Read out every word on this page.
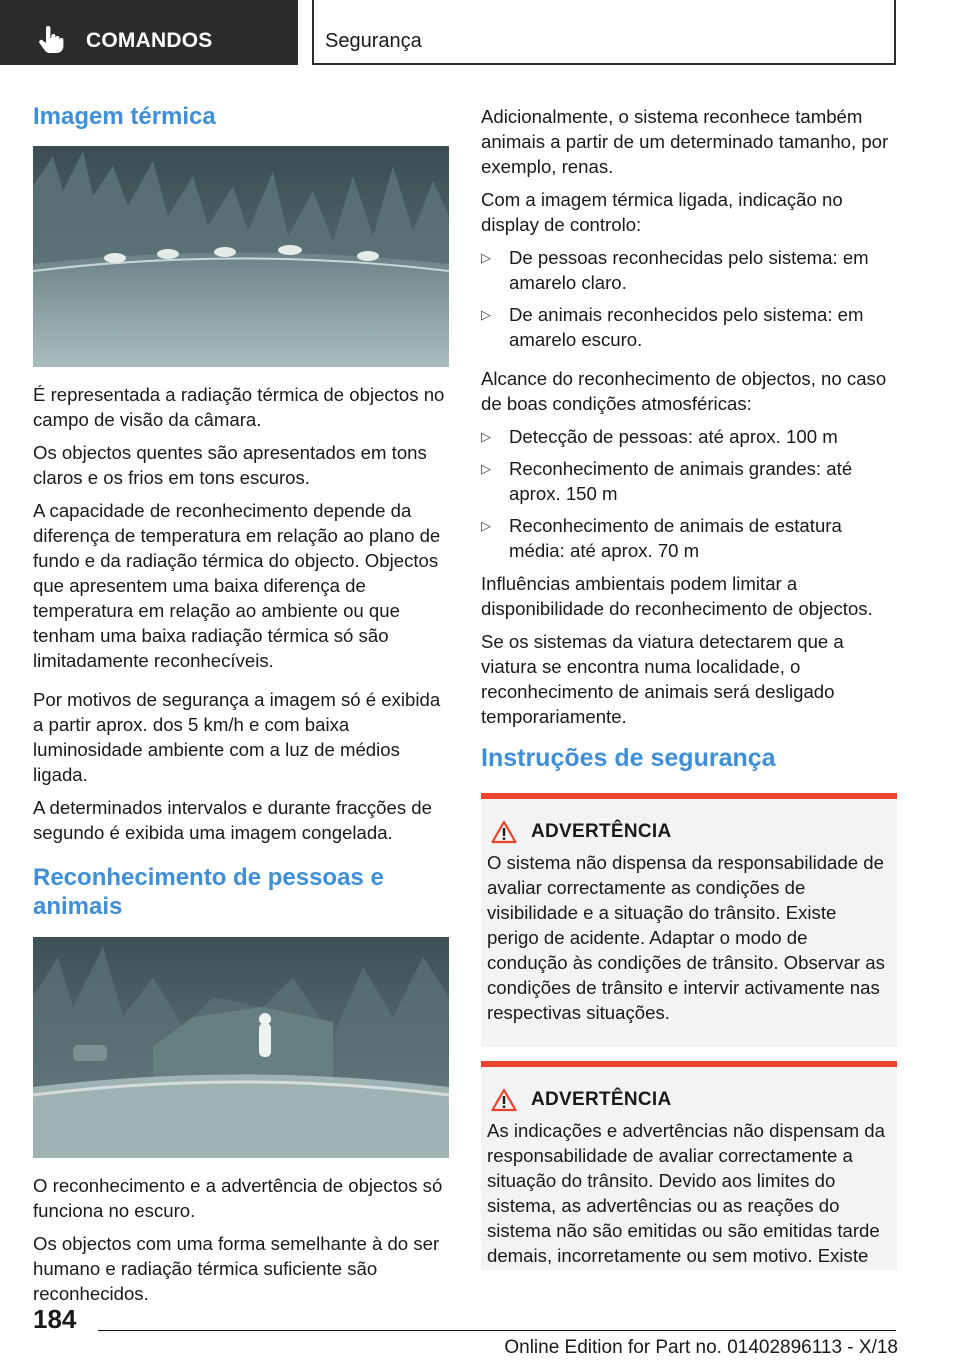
COMANDOS	Segurança
Imagem térmica

É representada a radiação térmica de objectos no campo de visão da câmara.

Os objectos quentes são apresentados em tons claros e os frios em tons escuros.

A capacidade de reconhecimento depende da diferença de temperatura em relação ao plano de fundo e da radiação térmica do objecto. Objectos que apresentem uma baixa diferença de temperatura em relação ao ambiente ou que tenham uma baixa radiação térmica só são limitadamente reconhecíveis.

Por motivos de segurança a imagem só é exibida a partir aprox. dos 5 km/h e com baixa luminosidade ambiente com a luz de médios ligada.

A determinados intervalos e durante fracções de segundo é exibida uma imagem congelada.

Reconhecimento de pessoas e animais

O reconhecimento e a advertência de objectos só funciona no escuro.

Os objectos com uma forma semelhante à do ser humano e radiação térmica suficiente são reconhecidos.

Adicionalmente, o sistema reconhece também animais a partir de um determinado tamanho, por exemplo, renas.

Com a imagem térmica ligada, indicação no display de controlo:

▷ De pessoas reconhecidas pelo sistema: em amarelo claro.
▷ De animais reconhecidos pelo sistema: em amarelo escuro.

Alcance do reconhecimento de objectos, no caso de boas condições atmosféricas:

▷ Detecção de pessoas: até aprox. 100 m
▷ Reconhecimento de animais grandes: até aprox. 150 m
▷ Reconhecimento de animais de estatura média: até aprox. 70 m

Influências ambientais podem limitar a disponibilidade do reconhecimento de objectos.

Se os sistemas da viatura detectarem que a viatura se encontra numa localidade, o reconhecimento de animais será desligado temporariamente.

Instruções de segurança
ADVERTÊNCIA

O sistema não dispensa da responsabilidade de avaliar correctamente as condições de visibilidade e a situação do trânsito. Existe perigo de acidente. Adaptar o modo de condução às condições de trânsito. Observar as condições de trânsito e intervir activamente nas respectivas situações.

ADVERTÊNCIA

As indicações e advertências não dispensam da responsabilidade de avaliar correctamente a situação do trânsito. Devido aos limites do sistema, as advertências ou as reações do sistema não são emitidas ou são emitidas tarde demais, incorretamente ou sem motivo. Existe

184
Online Edition for Part no. 01402896113 - X/18
